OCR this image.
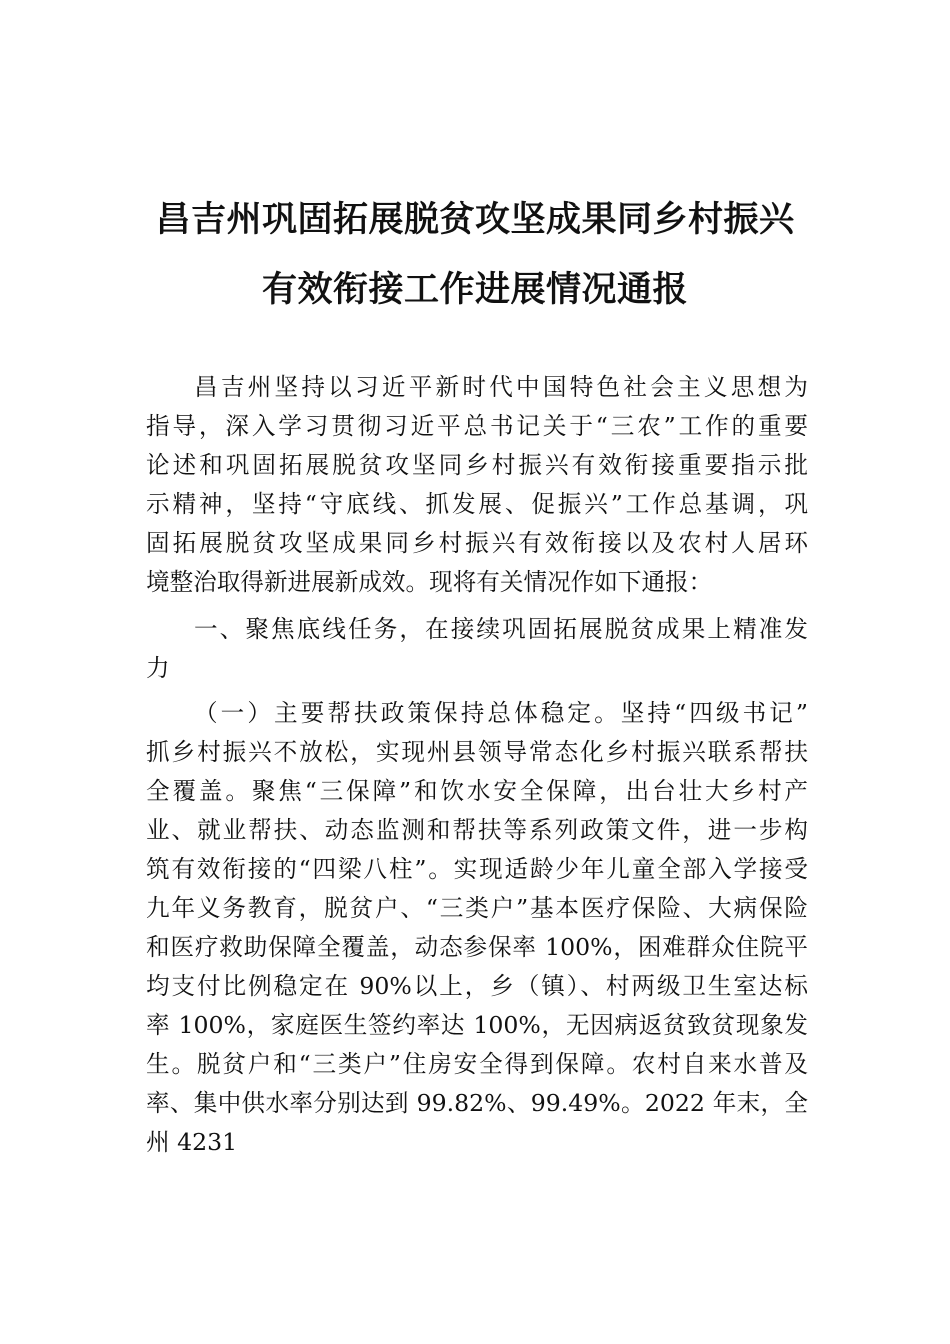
昌吉州巩固拓展脱贫攻坚成果同乡村振兴
有效衔接工作进展情况通报
昌吉州坚持以习近平新时代中国特色社会主义思想为
指导，深入学习贯彻习近平总书记关于“三农”工作的重要
论述和巩固拓展脱贫攻坚同乡村振兴有效衔接重要指示批
示精神，坚持“守底线、抓发展、促振兴”工作总基调，巩
固拓展脱贫攻坚成果同乡村振兴有效衔接以及农村人居环
境整治取得新进展新成效。现将有关情况作如下通报：
一、聚焦底线任务，在接续巩固拓展脱贫成果上精准发
力
（一）主要帮扶政策保持总体稳定。坚持“四级书记”
抓乡村振兴不放松，实现州县领导常态化乡村振兴联系帮扶
全覆盖。聚焦“三保障”和饮水安全保障，出台壮大乡村产
业、就业帮扶、动态监测和帮扶等系列政策文件，进一步构
筑有效衔接的“四梁八柱”。实现适龄少年儿童全部入学接受
九年义务教育，脱贫户、“三类户”基本医疗保险、大病保险
和医疗救助保障全覆盖，动态参保率 100%，困难群众住院平
均支付比例稳定在 90%以上，乡（镇）、村两级卫生室达标
率 100%，家庭医生签约率达 100%，无因病返贫致贫现象发
生。脱贫户和“三类户”住房安全得到保障。农村自来水普及
率、集中供水率分别达到 99.82%、99.49%。2022 年末，全
州 4231
